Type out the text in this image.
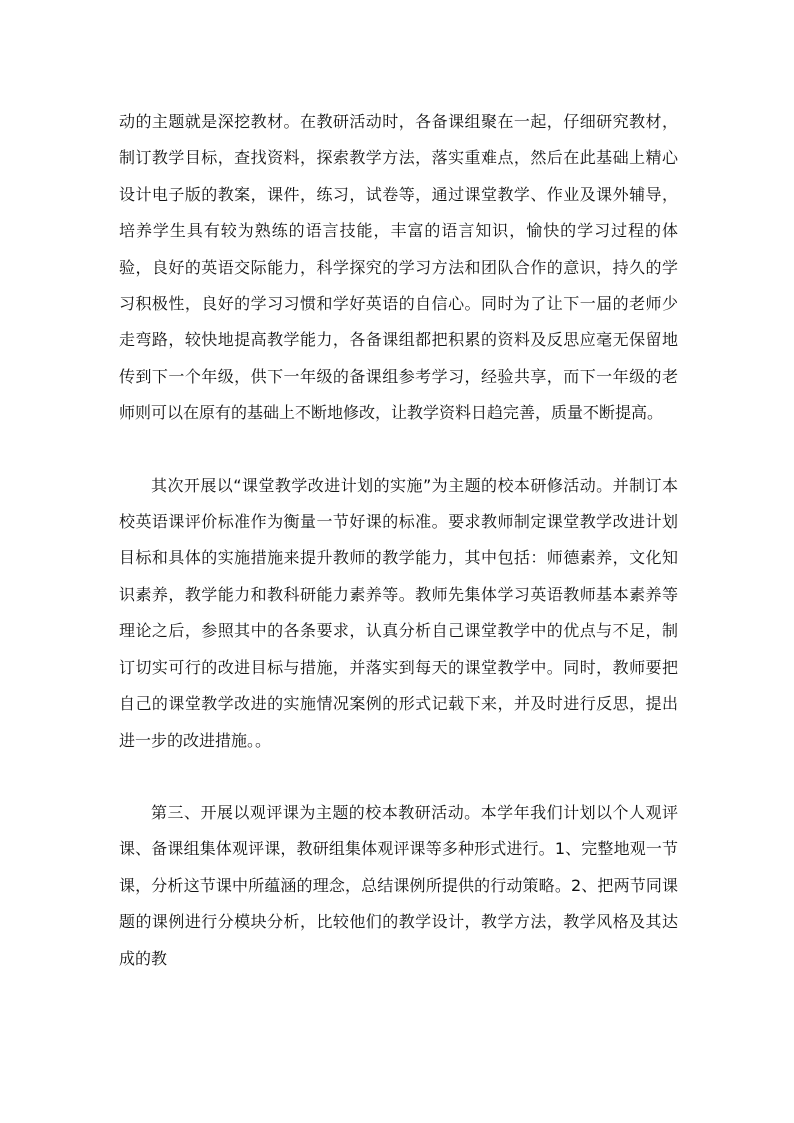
动的主题就是深挖教材。在教研活动时，各备课组聚在一起，仔细研究教材，制订教学目标，查找资料，探索教学方法，落实重难点，然后在此基础上精心设计电子版的教案，课件，练习，试卷等，通过课堂教学、作业及课外辅导，培养学生具有较为熟练的语言技能，丰富的语言知识，愉快的学习过程的体验，良好的英语交际能力，科学探究的学习方法和团队合作的意识，持久的学习积极性，良好的学习习惯和学好英语的自信心。同时为了让下一届的老师少走弯路，较快地提高教学能力，各备课组都把积累的资料及反思应毫无保留地传到下一个年级，供下一年级的备课组参考学习，经验共享，而下一年级的老师则可以在原有的基础上不断地修改，让教学资料日趋完善，质量不断提高。

其次开展以“课堂教学改进计划的实施”为主题的校本研修活动。并制订本校英语课评价标准作为衡量一节好课的标准。要求教师制定课堂教学改进计划目标和具体的实施措施来提升教师的教学能力，其中包括：师德素养，文化知识素养，教学能力和教科研能力素养等。教师先集体学习英语教师基本素养等理论之后，参照其中的各条要求，认真分析自己课堂教学中的优点与不足，制订切实可行的改进目标与措施，并落实到每天的课堂教学中。同时，教师要把自己的课堂教学改进的实施情况案例的形式记载下来，并及时进行反思，提出进一步的改进措施。。

第三、开展以观评课为主题的校本教研活动。本学年我们计划以个人观评课、备课组集体观评课，教研组集体观评课等多种形式进行。1、完整地观一节课，分析这节课中所蕴涵的理念，总结课例所提供的行动策略。2、把两节同课题的课例进行分模块分析，比较他们的教学设计，教学方法，教学风格及其达成的教
